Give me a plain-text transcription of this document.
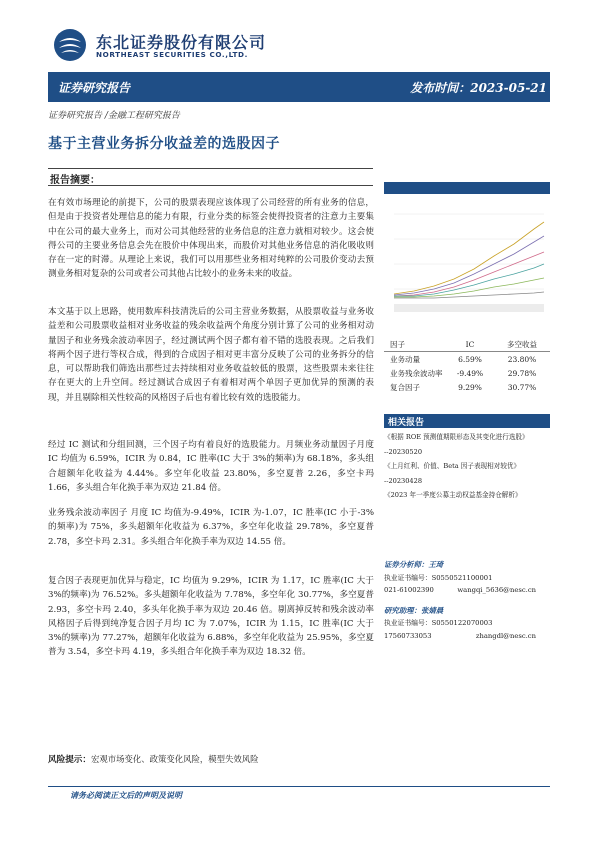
东北证券股份有限公司
NORTHEAST SECURITIES CO.,LTD.
证券研究报告	发布时间：2023-05-21
证券研究报告 /金融工程研究报告
基于主营业务拆分收益差的选股因子
报告摘要：
在有效市场理论的前提下，公司的股票表现应该体现了公司经营的所有业务的信息，但是由于投资者处理信息的能力有限，行业分类的标签会使得投资者的注意力主要集中在公司的最大业务上，而对公司其他经营的业务信息的注意力就相对较少。这会使得公司的主要业务信息会先在股价中体现出来，而股价对其他业务信息的消化吸收则存在一定的时滞。从理论上来说，我们可以用那些业务相对纯粹的公司股价变动去预测业务相对复杂的公司或者公司其他占比较小的业务未来的收益。
本文基于以上思路，使用数库科技清洗后的公司主营业务数据，从股票收益与业务收益差和公司股票收益相对业务收益的残余收益两个角度分别计算了公司的业务相对动量因子和业务残余波动率因子，经过测试两个因子都有着不错的选股表现。之后我们将两个因子进行等权合成，得到的合成因子相对更丰富分反映了公司的业务拆分的信息，可以帮助我们筛选出那些过去持续相对业务收益较低的股票，这些股票未来往往存在更大的上升空间。经过测试合成因子有着相对两个单因子更加优异的预测的表现，并且剔除相关性较高的风格因子后也有着比较有效的选股能力。
经过 IC 测试和分组回测，三个因子均有着良好的选股能力。月频业务动量因子月度 IC 均值为 6.59%，ICIR 为 0.84，IC 胜率(IC 大于 3%的频率)为 68.18%，多头组合超额年化收益为 4.44%。多空年化收益 23.80%，多空夏普 2.26，多空卡玛 1.66，多头组合年化换手率为双边 21.84 倍。
业务残余波动率因子 月度 IC 均值为-9.49%，ICIR 为-1.07，IC 胜率(IC 小于-3%的频率)为 75%，多头超额年化收益为 6.37%，多空年化收益 29.78%，多空夏普 2.78，多空卡玛 2.31。多头组合年化换手率为双边 14.55 倍。
复合因子表现更加优异与稳定，IC 均值为 9.29%，ICIR 为 1.17，IC 胜率(IC 大于 3%的频率)为 76.52%。多头超额年化收益为 7.78%，多空年化 30.77%，多空夏普 2.93，多空卡玛 2.40，多头年化换手率为双边 20.46 倍。剔离掉反转和残余波动率风格因子后得到纯净复合因子月均 IC 为 7.07%，ICIR 为 1.15，IC 胜率(IC 大于 3%的频率)为 77.27%，超额年化收益为 6.88%，多空年化收益为 25.95%，多空夏普为 3.54，多空卡玛 4.19，多头组合年化换手率为双边 18.32 倍。
风险提示：宏观市场变化、政策变化风险，模型失效风险
请务必阅读正文后的声明及说明
因子	IC	多空收益
业务动量	6.59%	23.80%
业务残余波动率	-9.49%	29.78%
复合因子	9.29%	30.77%
相关报告
《根据 ROE 预测值期限形态及其变化进行选股》
--20230520
《上月红利、价值、Beta 因子表现相对较优》
--20230428
《2023 年一季度公募主动权益基金持仓解析》
证券分析师：王琦
执业证书编号：S0550521100001
021-61002390	wangqi_5636@nesc.cn
研究助理：张婧晨
执业证书编号：S0550122070003
17560733053	zhangdl@nesc.cn
